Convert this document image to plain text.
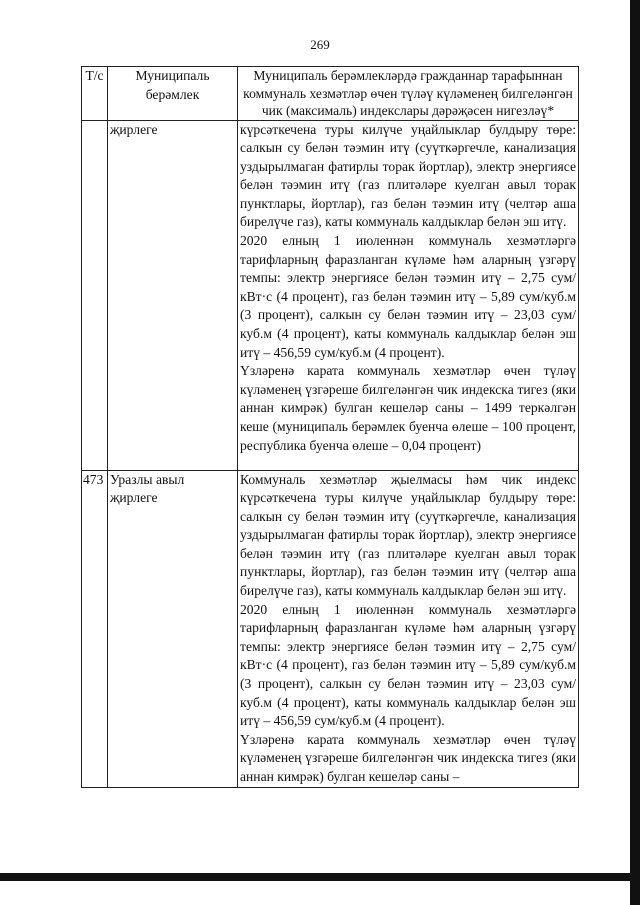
269
Т/с	Муниципаль берәмлек	Муниципаль берәмлекләрдә гражданнар тарафыннан коммуналь хезмәтләр өчен түләү күләменең билгеләнгән чик (максималь) индекслары дәрәҗәсен нигезләү*
	җирлеге	күрсәткечена туры килүче уңайлыклар булдыру төре: салкын су белән тәэмин итү (суүткәргечле, канализация уздырылмаган фатирлы торак йортлар), электр энергиясе белән тәэмин итү (газ плитәләре куелган авыл торак пунктлары, йортлар), газ белән тәэмин итү (челтәр аша бирелүче газ), каты коммуналь калдыклар белән эш итү.

2020 елның 1 июленнән коммуналь хезмәтләргә тарифларның фаразланган күләме һәм аларның үзгәрү темпы: электр энергиясе белән тәэмин итү – 2,75 сум/кВт·с (4 процент), газ белән тәэмин итү – 5,89 сум/куб.м (3 процент), салкын су белән тәэмин итү – 23,03 сум/куб.м (4 процент), каты коммуналь калдыклар белән эш итү – 456,59 сум/куб.м (4 процент).

Үзләренә карата коммуналь хезмәтләр өчен түләү күләменең үзгәреше билгеләнгән чик индекска тигез (яки аннан кимрәк) булган кешеләр саны – 1499 теркәлгән кеше (муниципаль берәмлек буенча өлеше – 100 процент, республика буенча өлеше – 0,04 процент)

473	Уразлы авыл җирлеге	Коммуналь хезмәтләр җыелмасы һәм чик индекс күрсәткечена туры килүче уңайлыклар булдыру төре: салкын су белән тәэмин итү (суүткәргечле, канализация уздырылмаган фатирлы торак йортлар), электр энергиясе белән тәэмин итү (газ плитәләре куелган авыл торак пунктлары, йортлар), газ белән тәэмин итү (челтәр аша бирелүче газ), каты коммуналь калдыклар белән эш итү.

2020 елның 1 июленнән коммуналь хезмәтләргә тарифларның фаразланган күләме һәм аларның үзгәрү темпы: электр энергиясе белән тәэмин итү – 2,75 сум/кВт·с (4 процент), газ белән тәэмин итү – 5,89 сум/куб.м (3 процент), салкын су белән тәэмин итү – 23,03 сум/куб.м (4 процент), каты коммуналь калдыклар белән эш итү – 456,59 сум/куб.м (4 процент).

Үзләренә карата коммуналь хезмәтләр өчен түләү күләменең үзгәреше билгеләнгән чик индекска тигез (яки аннан кимрәк) булган кешеләр саны –
